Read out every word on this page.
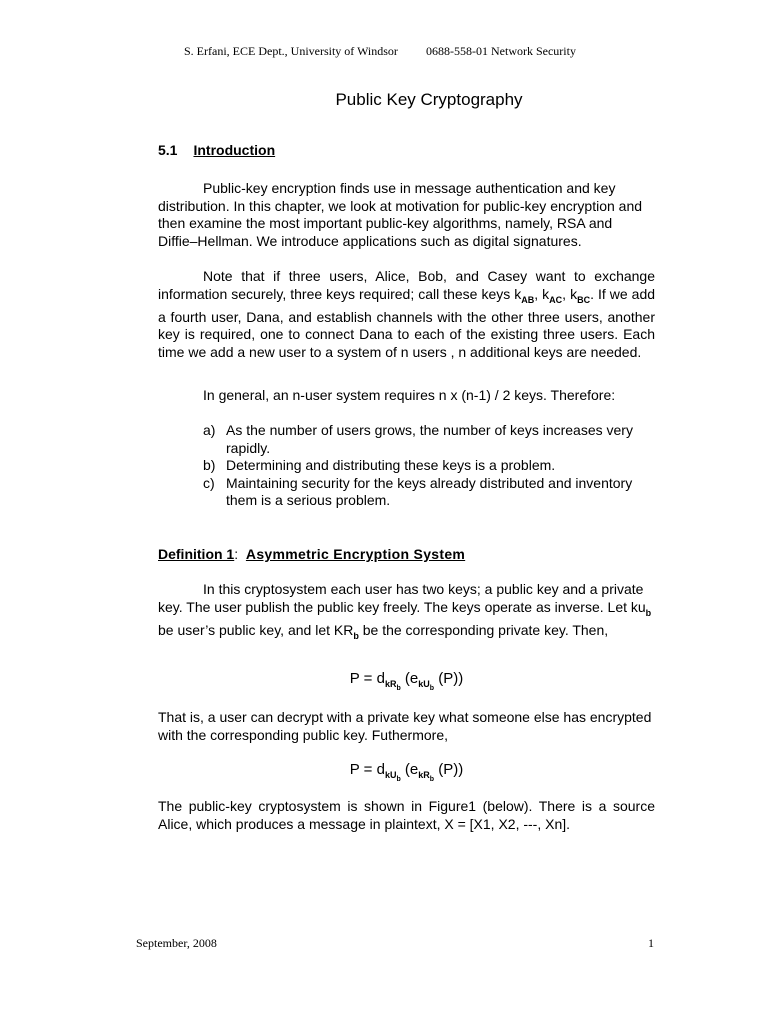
S. Erfani, ECE Dept., University of Windsor 0688-558-01 Network Security
Public Key Cryptography
5.1 Introduction
Public-key encryption finds use in message authentication and key distribution. In this chapter, we look at motivation for public-key encryption and then examine the most important public-key algorithms, namely, RSA and Diffie–Hellman. We introduce applications such as digital signatures.
Note that if three users, Alice, Bob, and Casey want to exchange information securely, three keys required; call these keys $k_{AB}$, $k_{AC}$, $k_{BC}$. If we add a fourth user, Dana, and establish channels with the other three users, another key is required, one to connect Dana to each of the existing three users. Each time we add a new user to a system of n users , n additional keys are needed.
In general, an n-user system requires n x (n-1) / 2 keys. Therefore:
a) As the number of users grows, the number of keys increases very rapidly.
b) Determining and distributing these keys is a problem.
c) Maintaining security for the keys already distributed and inventory them is a serious problem.
Definition 1: Asymmetric Encryption System
In this cryptosystem each user has two keys; a public key and a private key. The user publish the public key freely. The keys operate as inverse. Let $ku_b$ be user’s public key, and let $KR_b$ be the corresponding private key. Then,
$P = d_{kR_b}$ ($e_{kU_b}$ (P))
That is, a user can decrypt with a private key what someone else has encrypted with the corresponding public key. Futhermore,
$P = d_{kU_b}$ ($e_{kR_b}$ (P))
The public-key cryptosystem is shown in Figure1 (below). There is a source Alice, which produces a message in plaintext, X = [X1, X2, ---, Xn].
September, 2008	1
